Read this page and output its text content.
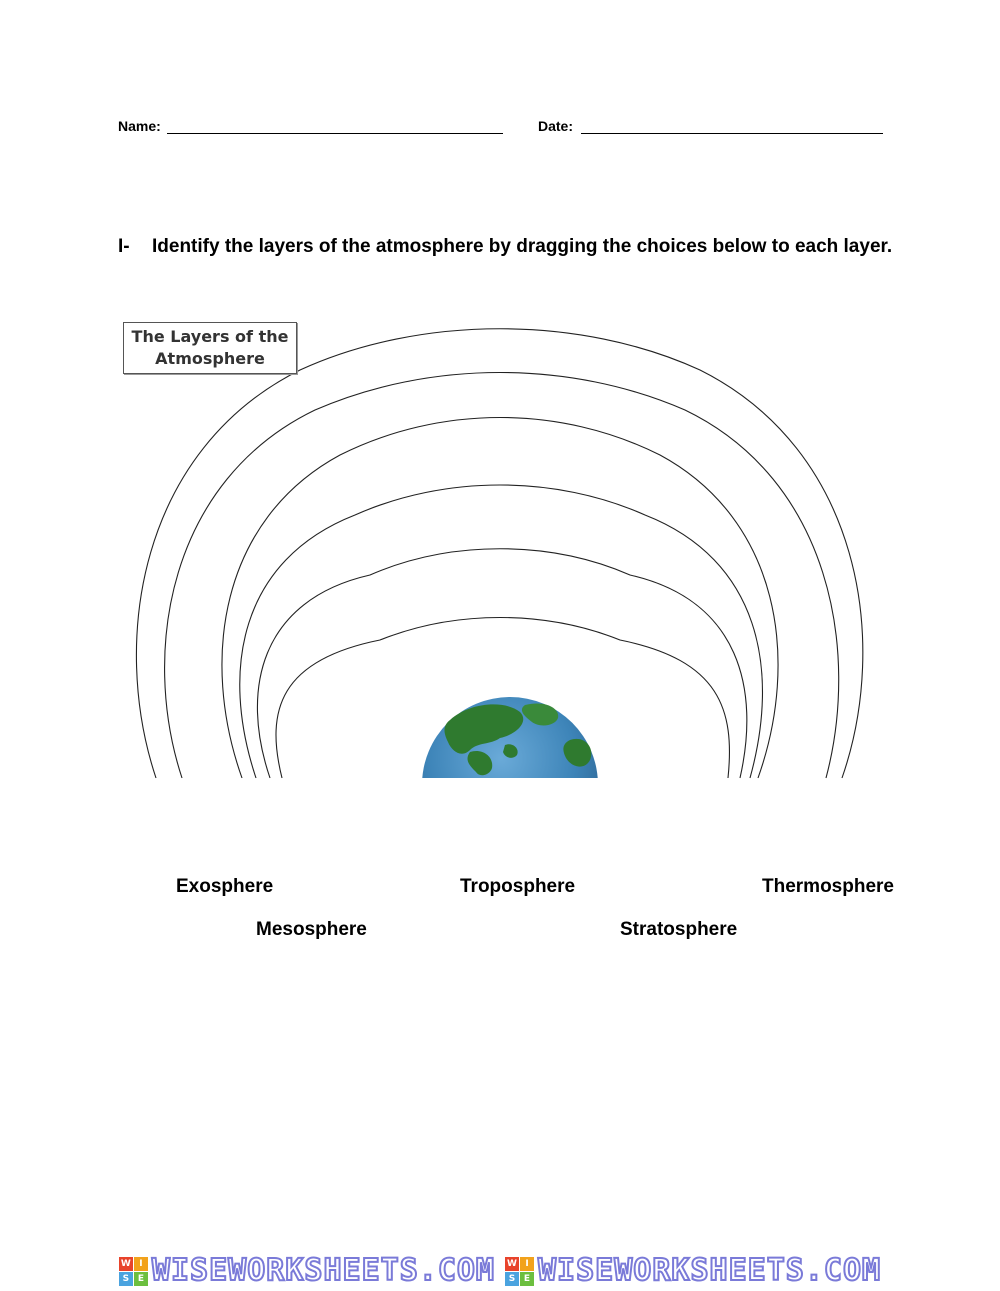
Name:	Date:
I- Identify the layers of the atmosphere by dragging the choices below to each layer.
The Layers of the
Atmosphere
Exosphere	Troposphere	Thermosphere
Mesosphere	Stratosphere
W I
S E WISEWORKSHEETS.COM W I
S E WISEWORKSHEETS.COM
